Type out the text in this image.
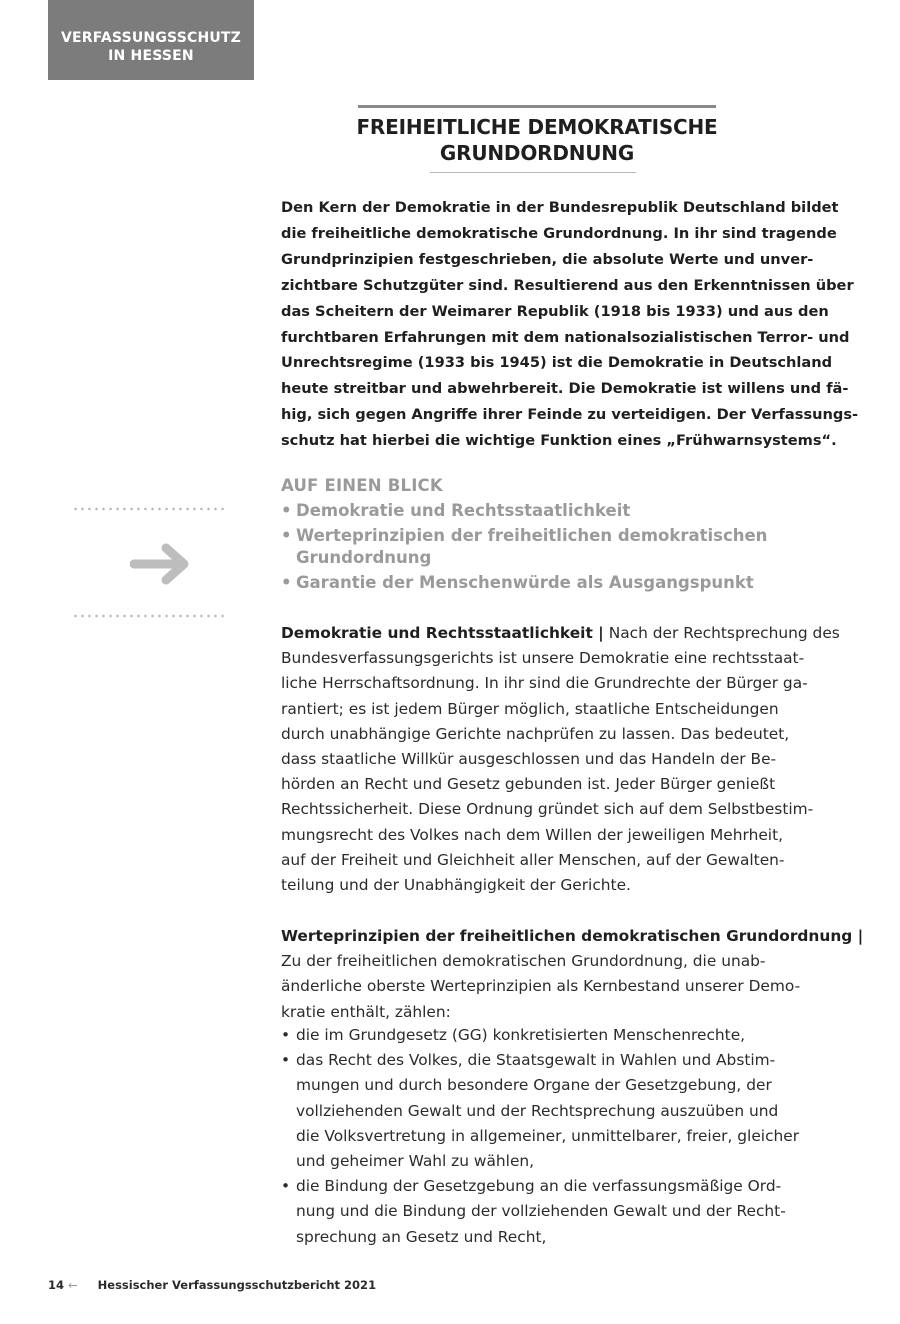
VERFASSUNGSSCHUTZ
IN HESSEN
FREIHEITLICHE DEMOKRATISCHE
GRUNDORDNUNG
Den Kern der Demokratie in der Bundesrepublik Deutschland bildet
die freiheitliche demokratische Grundordnung. In ihr sind tragende
Grundprinzipien festgeschrieben, die absolute Werte und unver-
zichtbare Schutzgüter sind. Resultierend aus den Erkenntnissen über
das Scheitern der Weimarer Republik (1918 bis 1933) und aus den
furchtbaren Erfahrungen mit dem nationalsozialistischen Terror- und
Unrechtsregime (1933 bis 1945) ist die Demokratie in Deutschland
heute streitbar und abwehrbereit. Die Demokratie ist willens und fä-
hig, sich gegen Angriffe ihrer Feinde zu verteidigen. Der Verfassungs-
schutz hat hierbei die wichtige Funktion eines „Frühwarnsystems“.
AUF EINEN BLICK
• Demokratie und Rechtsstaatlichkeit
• Werteprinzipien der freiheitlichen demokratischen
Grundordnung
• Garantie der Menschenwürde als Ausgangspunkt
Demokratie und Rechtsstaatlichkeit | Nach der Rechtsprechung des
Bundesverfassungsgerichts ist unsere Demokratie eine rechtsstaat-
liche Herrschaftsordnung. In ihr sind die Grundrechte der Bürger ga-
rantiert; es ist jedem Bürger möglich, staatliche Entscheidungen
durch unabhängige Gerichte nachprüfen zu lassen. Das bedeutet,
dass staatliche Willkür ausgeschlossen und das Handeln der Be-
hörden an Recht und Gesetz gebunden ist. Jeder Bürger genießt
Rechtssicherheit. Diese Ordnung gründet sich auf dem Selbstbestim-
mungsrecht des Volkes nach dem Willen der jeweiligen Mehrheit,
auf der Freiheit und Gleichheit aller Menschen, auf der Gewalten-
teilung und der Unabhängigkeit der Gerichte.
Werteprinzipien der freiheitlichen demokratischen Grundordnung |
Zu der freiheitlichen demokratischen Grundordnung, die unab-
änderliche oberste Werteprinzipien als Kernbestand unserer Demo-
kratie enthält, zählen:
• die im Grundgesetz (GG) konkretisierten Menschenrechte,
• das Recht des Volkes, die Staatsgewalt in Wahlen und Abstim-
mungen und durch besondere Organe der Gesetzgebung, der
vollziehenden Gewalt und der Rechtsprechung auszuüben und
die Volksvertretung in allgemeiner, unmittelbarer, freier, gleicher
und geheimer Wahl zu wählen,
• die Bindung der Gesetzgebung an die verfassungsmäßige Ord-
nung und die Bindung der vollziehenden Gewalt und der Recht-
sprechung an Gesetz und Recht,
14 ← Hessischer Verfassungsschutzbericht 2021
